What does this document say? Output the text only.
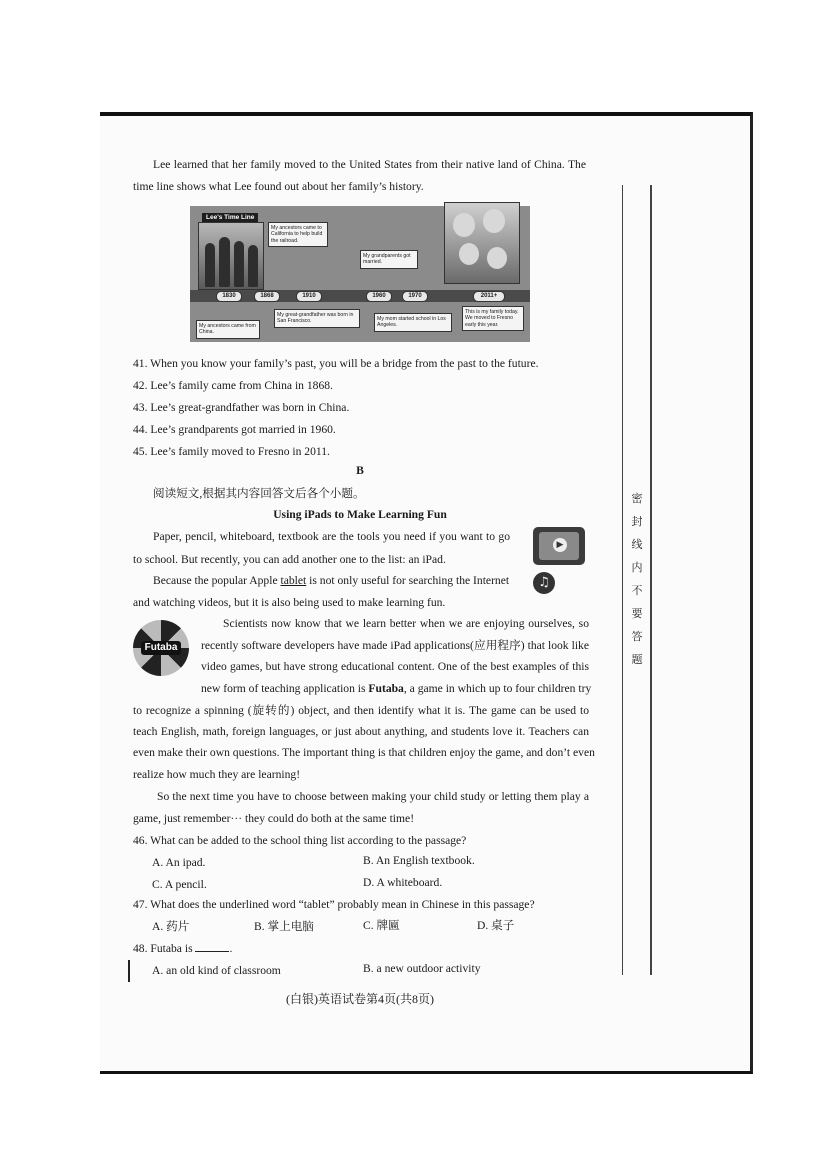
密封线内不要答题
Lee learned that her family moved to the United States from their native land of China. The
time line shows what Lee found out about her family’s history.
Lee's Time Line
1830	1868	1910	1960	1970	2011+
My ancestors came to California to help build the railroad.
My grandparents got married.
My ancestors came from China.
My great-grandfather was born in San Francisco.	My mom started school in Los Angeles.
This is my family today. We moved to Fresno early this year.
41. When you know your family’s past, you will be a bridge from the past to the future.
42. Lee’s family came from China in 1868.
43. Lee’s great-grandfather was born in China.
44. Lee’s grandparents got married in 1960.
45. Lee’s family moved to Fresno in 2011.
B
阅读短文,根据其内容回答文后各个小题。
Using iPads to Make Learning Fun
Paper, pencil, whiteboard, textbook are the tools you need if you want to go
to school. But recently, you can add another one to the list: an iPad.
▶
♫
Because the popular Apple tablet is not only useful for searching the Internet
and watching videos, but it is also being used to make learning fun.
Futaba
Scientists now know that we learn better when we are enjoying ourselves, so
recently software developers have made iPad applications(应用程序) that look like
video games, but have strong educational content. One of the best examples of this
new form of teaching application is Futaba, a game in which up to four children try
to recognize a spinning (旋转的) object, and then identify what it is. The game can be used to
teach English, math, foreign languages, or just about anything, and students love it. Teachers can
even make their own questions. The important thing is that children enjoy the game, and don’t even
realize how much they are learning!
So the next time you have to choose between making your child study or letting them play a
game, just remember··· they could do both at the same time!
46. What can be added to the school thing list according to the passage?
A. An ipad.	B. An English textbook.
C. A pencil.	D. A whiteboard.
47. What does the underlined word “tablet” probably mean in Chinese in this passage?
A. 药片	B. 掌上电脑	C. 牌匾	D. 桌子
48. Futaba is	.
A. an old kind of classroom	B. a new outdoor activity
(白银)英语试卷第4页(共8页)
